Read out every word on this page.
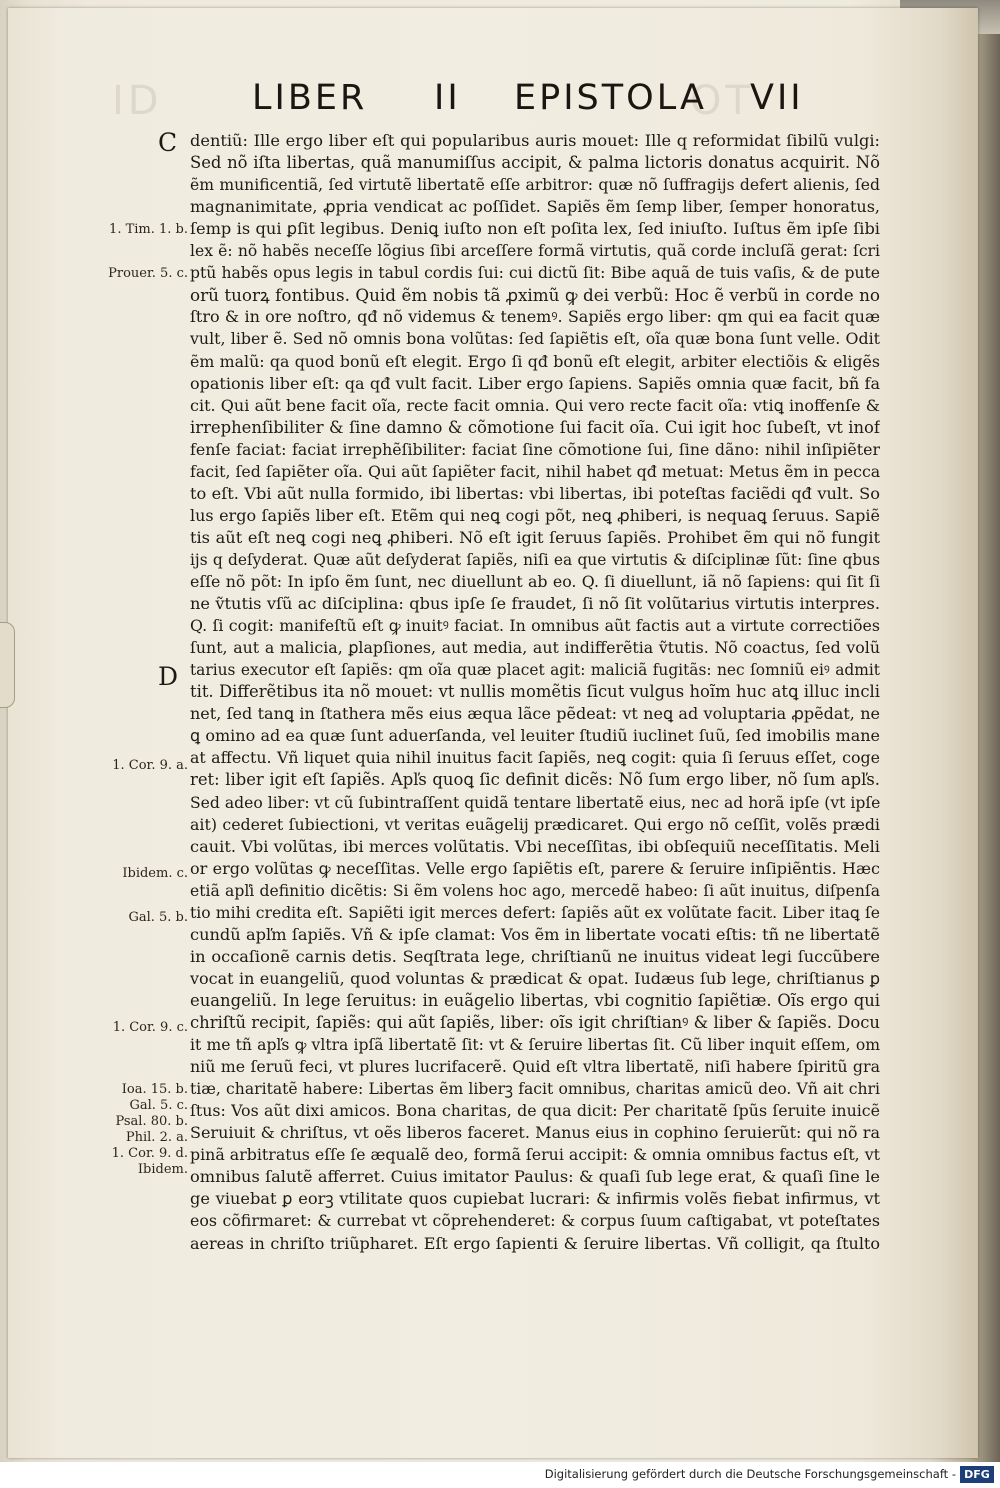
ID	OT
LIBER II EPISTOLA VII
C
D
1. Tim. 1. b.
Prouer. 5. c.
1. Cor. 9. a.
Ibidem. c.
Gal. 5. b.
1. Cor. 9. c.
Ioa. 15. b.
Gal. 5. c.
Psal. 80. b.
Phil. 2. a.
1. Cor. 9. d.
Ibidem.
dentiũ: Ille ergo liber eſt qui popularibus auris mouet: Ille q reformidat ſibilũ vulgi:
Sed nõ iſta libertas, quã manumiſſus accipit, & palma lictoris donatus acquirit. Nõ
ẽm munificentiã, ſed virtutẽ libertatẽ eſſe arbitror: quæ nõ ſuffragijs defert alienis, ſed
magnanimitate, ꝓpria vendicat ac poſſidet. Sapiẽs ẽm ſemp liber, ſemper honoratus,
ſemp is qui ꝑſit legibus. Deniꝗ iuſto non eſt poſita lex, ſed iniuſto. Iuſtus ẽm ipſe ſibi
lex ẽ: nõ habẽs neceſſe lõgius ſibi arceſſere formã virtutis, quã corde incluſã gerat: ſcri
ptũ habẽs opus legis in tabul cordis ſui: cui dictũ ſit: Bibe aquã de tuis vaſis, & de pute
orũ tuorꝝ fontibus. Quid ẽm nobis tã ꝓximũ ꝙ dei verbũ: Hoc ẽ verbũ in corde no
ſtro & in ore noſtro, qđ nõ videmus & tenemꝰ. Sapiẽs ergo liber: qm qui ea facit quæ
vult, liber ẽ. Sed nõ omnis bona volũtas: ſed ſapiẽtis eſt, oĩa quæ bona ſunt velle. Odit
ẽm malũ: qa quod bonũ eſt elegit. Ergo ſi qđ bonũ eſt elegit, arbiter electiõis & eligẽs
opationis liber eſt: qa qđ vult facit. Liber ergo ſapiens. Sapiẽs omnia quæ facit, bñ fa
cit. Qui aũt bene facit oĩa, recte facit omnia. Qui vero recte facit oĩa: vtiꝗ inoffenſe &
irrephenſibiliter & ſine damno & cõmotione ſui facit oĩa. Cui igit hoc ſubeſt, vt inof
fenſe faciat: faciat irrephẽſibiliter: faciat ſine cõmotione ſui, ſine dãno: nihil inſipiẽter
facit, ſed ſapiẽter oĩa. Qui aũt ſapiẽter facit, nihil habet qđ metuat: Metus ẽm in pecca
to eſt. Vbi aũt nulla formido, ibi libertas: vbi libertas, ibi poteſtas faciẽdi qđ vult. So
lus ergo ſapiẽs liber eſt. Etẽm qui neꝗ cogi põt, neꝗ ꝓhiberi, is nequaꝗ ſeruus. Sapiẽ
tis aũt eſt neꝗ cogi neꝗ ꝓhiberi. Nõ eſt igit ſeruus ſapiẽs. Prohibet ẽm qui nõ fungit
ijs q deſyderat. Quæ aũt deſyderat ſapiẽs, niſi ea que virtutis & diſciplinæ ſũt: ſine qbus
eſſe nõ põt: In ipſo ẽm ſunt, nec diuellunt ab eo. Q. ſi diuellunt, iã nõ ſapiens: qui ſit ſi
ne ṽtutis vſũ ac diſciplina: qbus ipſe ſe fraudet, ſi nõ ſit volũtarius virtutis interpres.
Q. ſi cogit: manifeſtũ eſt ꝙ inuitꝰ faciat. In omnibus aũt factis aut a virtute correctiões
ſunt, aut a malicia, ꝑlapſiones, aut media, aut indifferẽtia ṽtutis. Nõ coactus, ſed volũ
tarius executor eſt ſapiẽs: qm oĩa quæ placet agit: maliciã fugitãs: nec ſomniũ eiꝰ admit
tit. Differẽtibus ita nõ mouet: vt nullis momẽtis ſicut vulgus hoĩm huc atꝗ illuc incli
net, ſed tanꝗ in ſtathera mẽs eius æqua lãce pẽdeat: vt neꝗ ad voluptaria ꝓpẽdat, ne
ꝗ omino ad ea quæ ſunt aduerſanda, vel leuiter ſtudiũ iuclinet ſuũ, ſed imobilis mane
at affectu. Vñ liquet quia nihil inuitus facit ſapiẽs, neꝗ cogit: quia ſi ſeruus eſſet, coge
ret: liber igit eſt ſapiẽs. Apľs quoꝗ ſic definit dicẽs: Nõ ſum ergo liber, nõ ſum apľs.
Sed adeo liber: vt cũ ſubintraſſent quidã tentare libertatẽ eius, nec ad horã ipſe (vt ipſe
ait) cederet ſubiectioni, vt veritas euãgelij prædicaret. Qui ergo nõ ceſſit, volẽs prædi
cauit. Vbi volũtas, ibi merces volũtatis. Vbi neceſſitas, ibi obſequiũ neceſſitatis. Meli
or ergo volũtas ꝙ neceſſitas. Velle ergo ſapiẽtis eſt, parere & ſeruire inſipiẽntis. Hæc
etiã apľi definitio dicẽtis: Si ẽm volens hoc ago, mercedẽ habeo: ſi aũt inuitus, diſpenſa
tio mihi credita eſt. Sapiẽti igit merces defert: ſapiẽs aũt ex volũtate facit. Liber itaꝗ ſe
cundũ apľm ſapiẽs. Vñ & ipſe clamat: Vos ẽm in libertate vocati eſtis: tñ ne libertatẽ
in occaſionẽ carnis detis. Seqſtrata lege, chriſtianũ ne inuitus videat legi ſuccũbere
vocat in euangeliũ, quod voluntas & prædicat & opat. Iudæus ſub lege, chriſtianus ꝑ
euangeliũ. In lege ſeruitus: in euãgelio libertas, vbi cognitio ſapiẽtiæ. Oĩs ergo qui
chriſtũ recipit, ſapiẽs: qui aũt ſapiẽs, liber: oĩs igit chriſtianꝰ & liber & ſapiẽs. Docu
it me tñ apľs ꝙ vltra ipſã libertatẽ ſit: vt & ſeruire libertas ſit. Cũ liber inquit eſſem, om
niũ me ſeruũ feci, vt plures lucrifacerẽ. Quid eſt vltra libertatẽ, niſi habere ſpiritũ gra
tiæ, charitatẽ habere: Libertas ẽm liberꝫ facit omnibus, charitas amicũ deo. Vñ ait chri
ſtus: Vos aũt dixi amicos. Bona charitas, de qua dicit: Per charitatẽ ſpũs ſeruite inuicẽ
Seruiuit & chriſtus, vt oẽs liberos faceret. Manus eius in cophino ſeruierũt: qui nõ ra
pinã arbitratus eſſe ſe æqualẽ deo, formã ſerui accipit: & omnia omnibus factus eſt, vt
omnibus ſalutẽ afferret. Cuius imitator Paulus: & quaſi ſub lege erat, & quaſi ſine le
ge viuebat ꝑ eorꝫ vtilitate quos cupiebat lucrari: & infirmis volẽs fiebat infirmus, vt
eos cõfirmaret: & currebat vt cõprehenderet: & corpus ſuum caſtigabat, vt poteſtates
aereas in chriſto triũpharet. Eſt ergo ſapienti & ſeruire libertas. Vñ colligit, qa ſtulto
Digitalisierung gefördert durch die Deutsche Forschungsgemeinschaft - DFG
